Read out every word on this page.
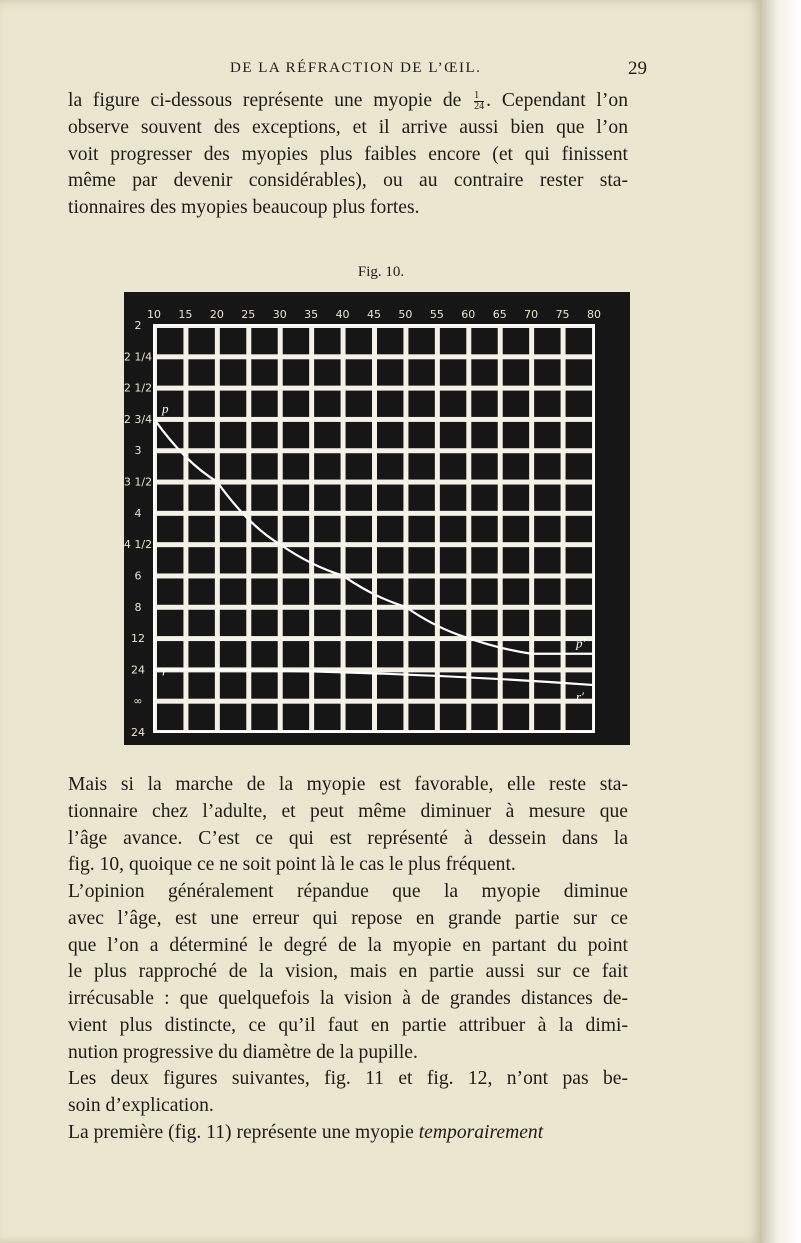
DE LA RÉFRACTION DE L’ŒIL.	29

la figure ci-dessous représente une myopie de $\frac{1}{24}$ . Cependant l’on
observe souvent des exceptions, et il arrive aussi bien que l’on
voit progresser des myopies plus faibles encore (et qui finissent
même par devenir considérables), ou au contraire rester sta-
tionnaires des myopies beaucoup plus fortes.

Fig. 10.
10 15 20 25 30 35 40 45 50 55 60 65 70 75 80
2
2 1/4
2 1/2
2 3/4
3
3 1/2
4
4 1/2
6
8
12
24
∞
24
p
p′
r
r′

Mais si la marche de la myopie est favorable, elle reste sta-
tionnaire chez l’adulte, et peut même diminuer à mesure que
l’âge avance. C’est ce qui est représenté à dessein dans la
fig. 10, quoique ce ne soit point là le cas le plus fréquent.

L’opinion généralement répandue que la myopie diminue
avec l’âge, est une erreur qui repose en grande partie sur ce
que l’on a déterminé le degré de la myopie en partant du point
le plus rapproché de la vision, mais en partie aussi sur ce fait
irrécusable : que quelquefois la vision à de grandes distances de-
vient plus distincte, ce qu’il faut en partie attribuer à la dimi-
nution progressive du diamètre de la pupille.

Les deux figures suivantes, fig. 11 et fig. 12, n’ont pas be-
soin d’explication.

La première (fig. 11) représente une myopie temporairement
